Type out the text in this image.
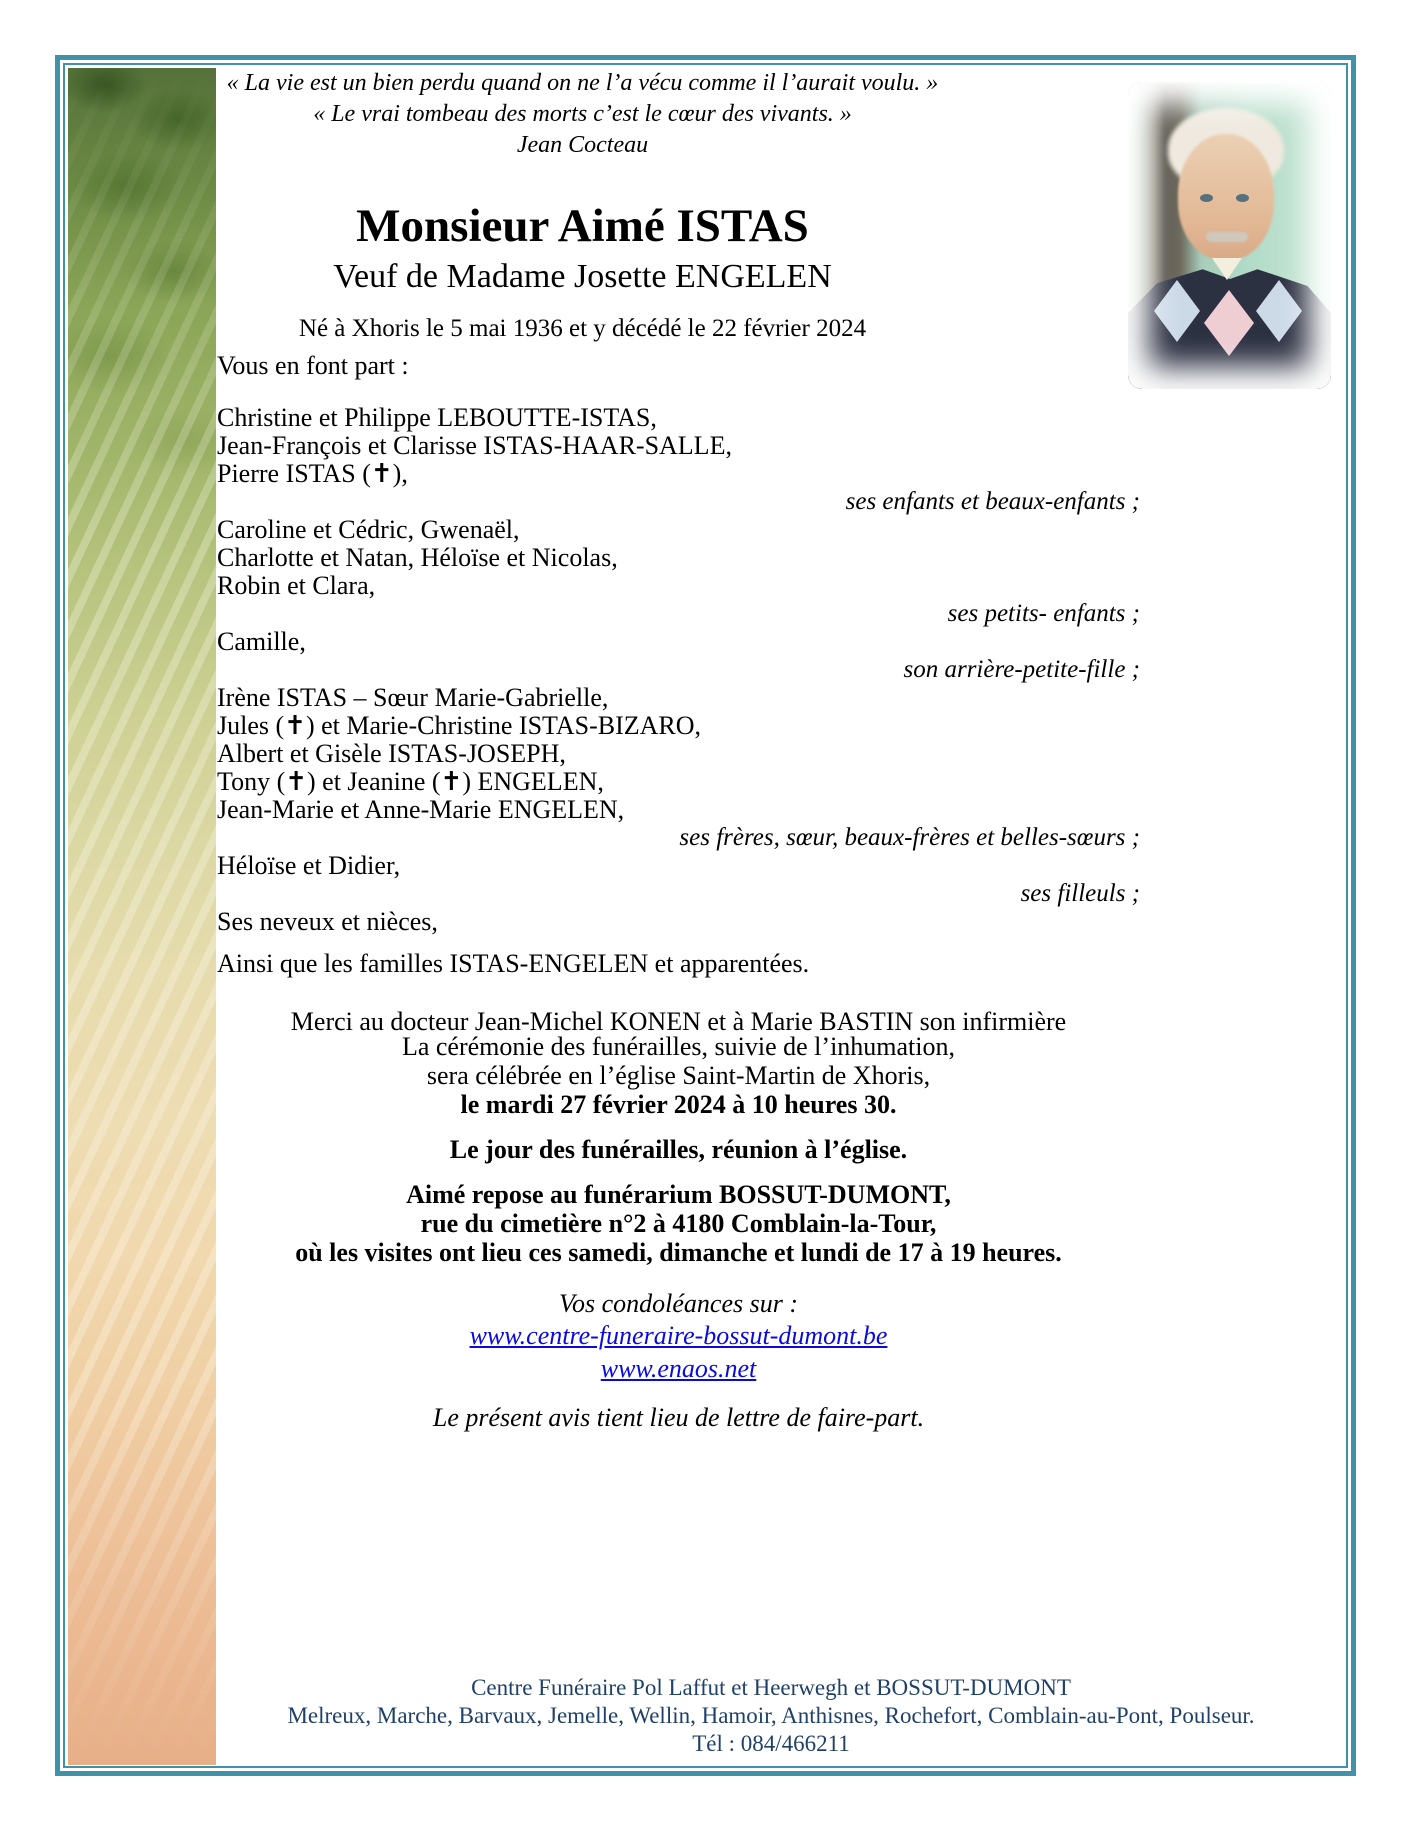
« La vie est un bien perdu quand on ne l’a vécu comme il l’aurait voulu. »

« Le vrai tombeau des morts c’est le cœur des vivants. »

Jean Cocteau

Monsieur Aimé ISTAS

Veuf de Madame Josette ENGELEN

Né à Xhoris le 5 mai 1936 et y décédé le 22 février 2024

Vous en font part :

Christine et Philippe LEBOUTTE-ISTAS,

Jean-François et Clarisse ISTAS-HAAR-SALLE,

Pierre ISTAS (✝),

ses enfants et beaux-enfants ;

Caroline et Cédric, Gwenaël,

Charlotte et Natan, Héloïse et Nicolas,

Robin et Clara,

ses petits- enfants ;

Camille,

son arrière-petite-fille ;

Irène ISTAS – Sœur Marie-Gabrielle,

Jules (✝) et Marie-Christine ISTAS-BIZARO,

Albert et Gisèle ISTAS-JOSEPH,

Tony (✝) et Jeanine (✝) ENGELEN,

Jean-Marie et Anne-Marie ENGELEN,

ses frères, sœur, beaux-frères et belles-sœurs ;

Héloïse et Didier,

ses filleuls ;

Ses neveux et nièces,

Ainsi que les familles ISTAS-ENGELEN et apparentées.

Merci au docteur Jean-Michel KONEN et à Marie BASTIN son infirmière

La cérémonie des funérailles, suivie de l’inhumation,

sera célébrée en l’église Saint-Martin de Xhoris,

le mardi 27 février 2024 à 10 heures 30.

Le jour des funérailles, réunion à l’église.

Aimé repose au funérarium BOSSUT-DUMONT,

rue du cimetière n°2 à 4180 Comblain-la-Tour,

où les visites ont lieu ces samedi, dimanche et lundi de 17 à 19 heures.

Vos condoléances sur :

www.centre-funeraire-bossut-dumont.be

www.enaos.net

Le présent avis tient lieu de lettre de faire-part.

Centre Funéraire Pol Laffut et Heerwegh et BOSSUT-DUMONT

Melreux, Marche, Barvaux, Jemelle, Wellin, Hamoir, Anthisnes, Rochefort, Comblain-au-Pont, Poulseur.

Tél : 084/466211
